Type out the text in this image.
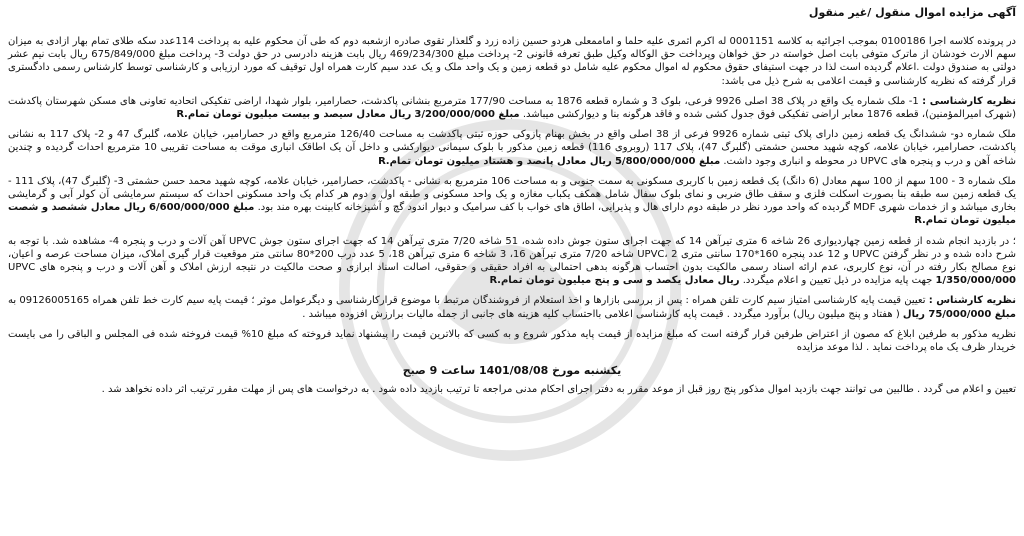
آگهی مزایده اموال منقول /غیر منقول

در پرونده کلاسه اجرا 0100186 بموجب اجرائیه به کلاسه 0001151 له اکرم اثمری علیه حلما و اماممعلی هردو حسین زاده زرد و گلعذار تقوی صادره ازشعبه دوم که طی آن محکوم علیه به پرداخت 114عدد سکه طلای تمام بهار ازادی به میزان سهم الارث خودشان از ماترک متوفی بابت اصل خواسته در حق خواهان وپرداخت حق الوکاله وکیل طبق تعرفه قانونی 2- پرداخت مبلغ 469/234/300 ریال بابت هزینه دادرسی در حق دولت 3- پرداخت مبلغ 675/849/000 ریال بابت نیم عشر دولتی به صندوق دولت .اعلام گردیده است لذا در جهت استیفای حقوق محکوم له اموال محکوم علیه شامل دو قطعه زمین و یک واحد ملک و یک عدد سیم کارت همراه اول توقیف که مورد ارزیابی و کارشناسی توسط کارشناس رسمی دادگستری قرار گرفته که نظریه کارشناسی و قیمت اعلامی به شرح ذیل می باشد:

نظریه کارشناسی : 1- ملک شماره یک واقع در پلاک 38 اصلی 9926 فرعی، بلوک 3 و شماره قطعه 1876 به مساحت 177/90 مترمربع بنشانی پاکدشت، حصارامیر، بلوار شهدا، اراضی تفکیکی اتحادیه تعاونی های مسکن شهرستان پاکدشت (شهرک امیرالمؤمنین)، قطعه 1876 معابر اراضی تفکیکی فوق جدول کشی شده و فاقد هرگونه بنا و دیوارکشی میباشد. مبلغ 3/200/000/000 ریال معادل سیصد و بیست میلیون تومان تمام.R

ملک شماره دو- ششدانگ یک قطعه زمین دارای پلاک ثبتی شماره 9926 فرعی از 38 اصلی واقع در بخش بهنام پازوکی حوزه ثبتی پاکدشت به مساحت 126/40 مترمربع واقع در حصارامیر، خیابان علامه، گلبرگ 47 و 2- پلاک 117 به نشانی پاکدشت، حصارامیر، خیابان علامه، کوچه شهید محسن حشمتی (گلبرگ 47)، پلاک 117 (روبروی 116) قطعه زمین مذکور با بلوک سیمانی دیوارکشی و داخل آن یک اطاقک انباری موقت به مساحت تقریبی 10 مترمربع احداث گردیده و چندین شاخه آهن و درب و پنجره های UPVC در محوطه و انباری وجود داشت. مبلغ 5/800/000/000 ریال معادل پانصد و هشتاد میلیون تومان تمام.R

ملک شماره 3 - 100 سهم از 100 سهم معادل (6 دانگ) یک قطعه زمین با کاربری مسکونی به سمت جنوبی و به مساحت 106 مترمربع به نشانی - پاکدشت، حصارامیر، خیابان علامه، کوچه شهید محمد حسن حشمتی 3- (گلبرگ 47)، پلاک 111 - یک قطعه زمین سه طبقه بنا بصورت اسکلت فلزی و سقف طاق ضربی و نمای بلوک سفال شامل همکف یکباب مغازه و یک واحد مسکونی و طبقه اول و دوم هر کدام یک واحد مسکونی احداث که سیستم سرمایشی آن کولر آبی و گرمایشی بخاری میباشد و از خدمات شهری MDF گردیده که واحد مورد نظر در طبقه دوم دارای هال و پذیرایی، اطاق های خواب با کف سرامیک و دیوار اندود گچ و آشپزخانه کابینت بهره مند بود. مبلغ 6/600/000/000 ریال معادل ششصد و شصت میلیون تومان تمام.R

؛ در بازدید انجام شده از قطعه زمین چهاردیواری 26 شاخه 6 متری تیرآهن 14 که جهت اجرای ستون جوش داده شده، 51 شاخه 7/20 متری تیرآهن 14 که جهت اجرای ستون جوش UPVC آهن آلات و درب و پنجره 4- مشاهده شد. با توجه به شرح داده شده و در نظر گرفتن UPVC و 12 عدد پنجره 160*170 سانتی متری UPVC، 2 شاخه 7/20 متری تیرآهن 16، 3 شاخه 6 متری تیرآهن 18، 5 عدد درب 200*80 سانتی متر موقعیت قرار گیری املاک، میزان مساحت عرصه و اعیان، نوع مصالح بکار رفته در آن، نوع کاربری، عدم ارائه اسناد رسمی مالکیت بدون احتساب هرگونه بدهی احتمالی به افراد حقیقی و حقوقی، اصالت اسناد ابرازی و صحت مالکیت در نتیجه ارزش املاک و آهن آلات و درب و پنجره های UPVC 1/350/000/000 جهت پایه مزایده در ذیل تعیین و اعلام میگردد. ریال معادل یکصد و سی و پنج میلیون تومان تمام.R

نظریه کارشناس : تعیین قیمت پایه کارشناسی امتیاز سیم کارت تلفن همراه : پس از بررسی بازارها و اخذ استعلام از فروشندگان مرتبط با موضوع قرارکارشناسی و دیگرعوامل موثر ؛ قیمت پایه سیم کارت خط تلفن همراه 09126005165 به مبلغ 75/000/000 ریال ( هفتاد و پنج میلیون ریال) برآورد میگردد . قیمت پایه کارشناسی اعلامی بااحتساب کلیه هزینه های جانبی از جمله مالیات برارزش افزوده میباشد .

نظریه مذکور به طرفین ابلاغ که مصون از اعتراض طرفین قرار گرفته است که مبلغ مزایده از قیمت پایه مذکور شروع و به کسی که بالاترین قیمت را پیشنهاد نماید فروخته که مبلغ 10% قیمت فروخته شده فی المجلس و الباقی را می بایست خریدار ظرف یک ماه پرداخت نماید . لذا موعد مزایده

یکشنبه مورخ 1401/08/08 ساعت 9 صبح

تعیین و اعلام می گردد . طالبین می توانند جهت بازدید اموال مذکور پنج روز قبل از موعد مقرر به دفتر اجرای احکام مدنی مراجعه تا ترتیب بازدید داده شود . به درخواست های پس از مهلت مقرر ترتیب اثر داده نخواهد شد .
